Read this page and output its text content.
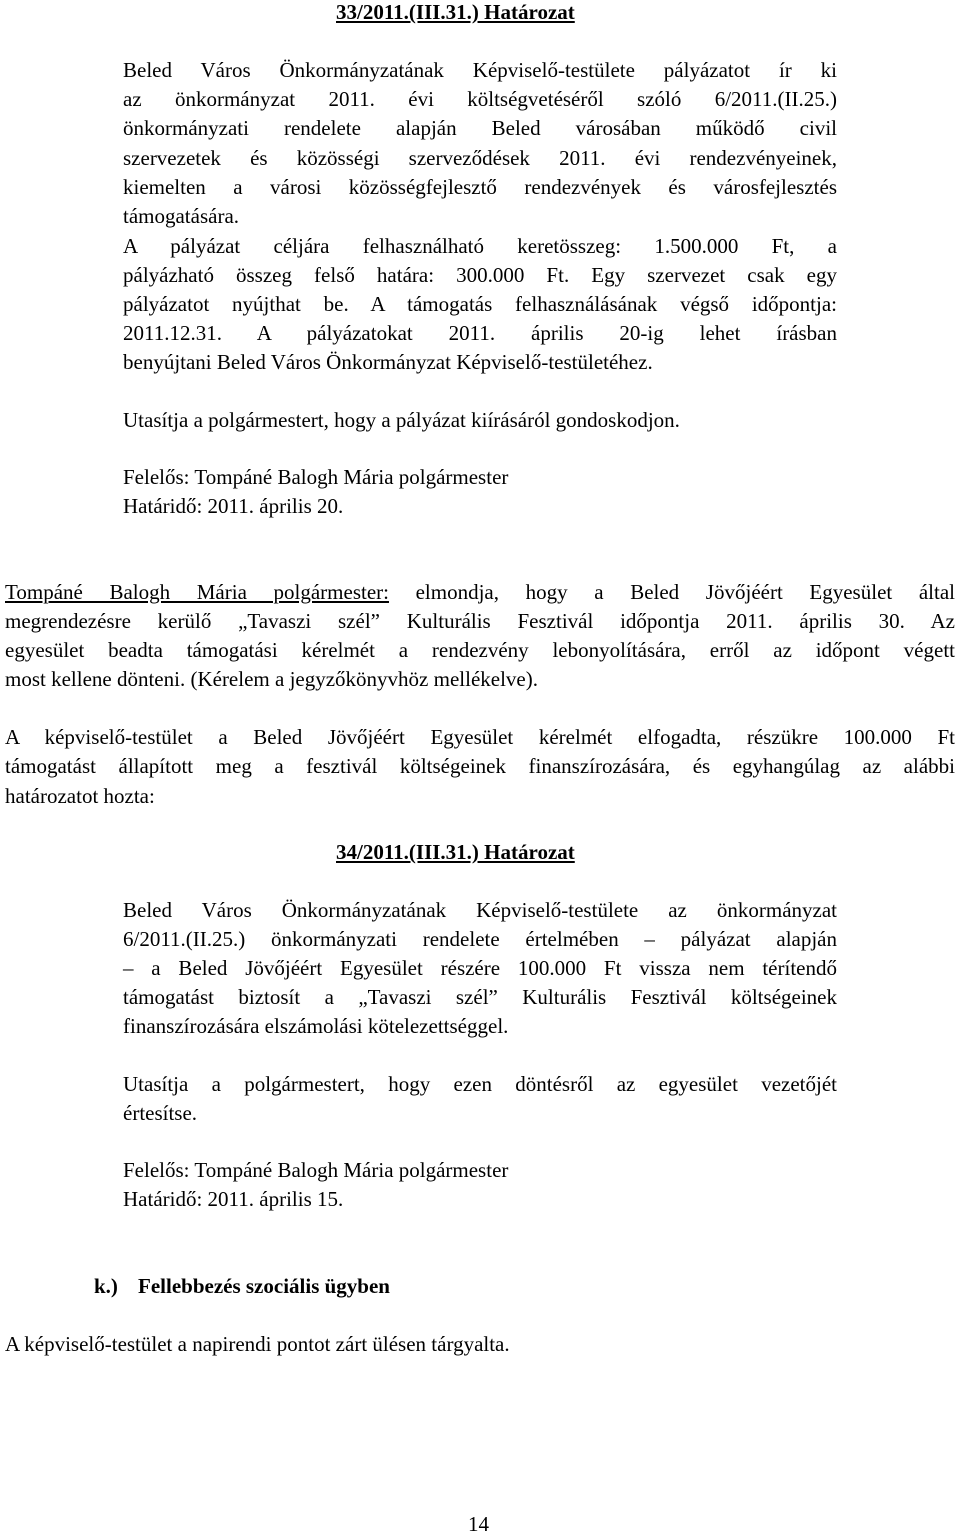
33/2011.(III.31.) Határozat
Beled Város Önkormányzatának Képviselő-testülete pályázatot ír ki
az önkormányzat 2011. évi költségvetéséről szóló 6/2011.(II.25.)
önkormányzati rendelete alapján Beled városában működő civil
szervezetek és közösségi szerveződések 2011. évi rendezvényeinek,
kiemelten a városi közösségfejlesztő rendezvények és városfejlesztés
támogatására.
A pályázat céljára felhasználható keretösszeg: 1.500.000 Ft, a
pályázható összeg felső határa: 300.000 Ft. Egy szervezet csak egy
pályázatot nyújthat be. A támogatás felhasználásának végső időpontja:
2011.12.31. A pályázatokat 2011. április 20-ig lehet írásban
benyújtani Beled Város Önkormányzat Képviselő-testületéhez.
Utasítja a polgármestert, hogy a pályázat kiírásáról gondoskodjon.
Felelős: Tompáné Balogh Mária polgármester
Határidő: 2011. április 20.
Tompáné Balogh Mária polgármester: elmondja, hogy a Beled Jövőjéért Egyesület által
megrendezésre kerülő „Tavaszi szél” Kulturális Fesztivál időpontja 2011. április 30. Az
egyesület beadta támogatási kérelmét a rendezvény lebonyolítására, erről az időpont végett
most kellene dönteni. (Kérelem a jegyzőkönyvhöz mellékelve).
A képviselő-testület a Beled Jövőjéért Egyesület kérelmét elfogadta, részükre 100.000 Ft
támogatást állapított meg a fesztivál költségeinek finanszírozására, és egyhangúlag az alábbi
határozatot hozta:
34/2011.(III.31.) Határozat
Beled Város Önkormányzatának Képviselő-testülete az önkormányzat
6/2011.(II.25.) önkormányzati rendelete értelmében – pályázat alapján
– a Beled Jövőjéért Egyesület részére 100.000 Ft vissza nem térítendő
támogatást biztosít a „Tavaszi szél” Kulturális Fesztivál költségeinek
finanszírozására elszámolási kötelezettséggel.
Utasítja a polgármestert, hogy ezen döntésről az egyesület vezetőjét
értesítse.
Felelős: Tompáné Balogh Mária polgármester
Határidő: 2011. április 15.
k.) Fellebbezés szociális ügyben
A képviselő-testület a napirendi pontot zárt ülésen tárgyalta.
14
